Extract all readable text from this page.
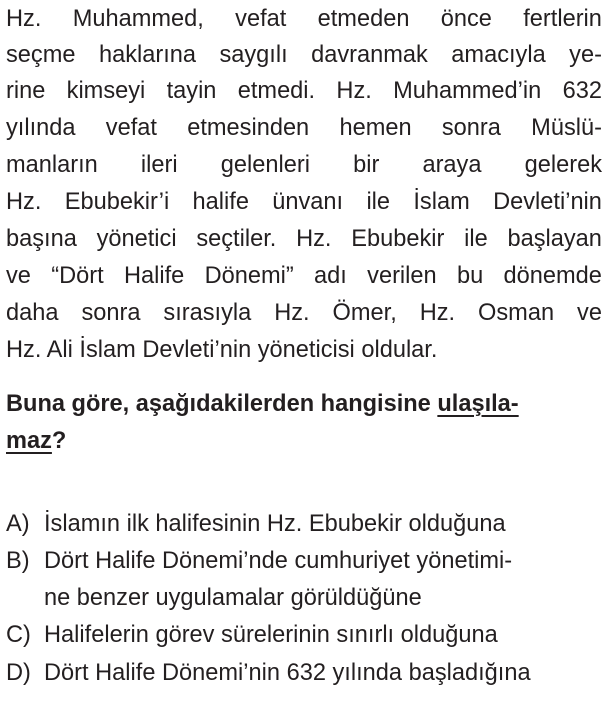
Hz. Muhammed, vefat etmeden önce fertlerin
seçme haklarına saygılı davranmak amacıyla ye-
rine kimseyi tayin etmedi. Hz. Muhammed’in 632
yılında vefat etmesinden hemen sonra Müslü-
manların ileri gelenleri bir araya gelerek
Hz. Ebubekir’i halife ünvanı ile İslam Devleti’nin
başına yönetici seçtiler. Hz. Ebubekir ile başlayan
ve “Dört Halife Dönemi” adı verilen bu dönemde
daha sonra sırasıyla Hz. Ömer, Hz. Osman ve
Hz. Ali İslam Devleti’nin yöneticisi oldular.
Buna göre, aşağıdakilerden hangisine ulaşıla-
maz?
A) İslamın ilk halifesinin Hz. Ebubekir olduğuna
B) Dört Halife Dönemi’nde cumhuriyet yönetimi-
ne benzer uygulamalar görüldüğüne
C) Halifelerin görev sürelerinin sınırlı olduğuna
D) Dört Halife Dönemi’nin 632 yılında başladığına
